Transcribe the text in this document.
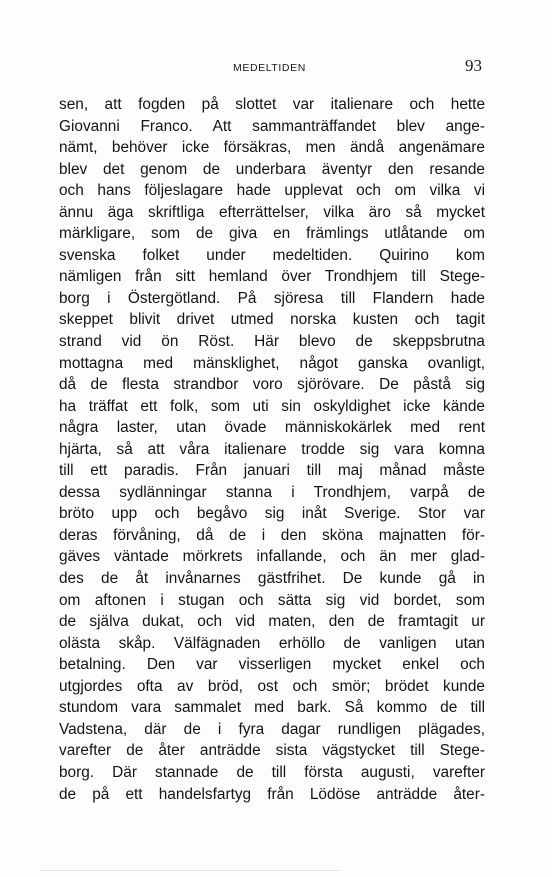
MEDELTIDEN	93
sen, att fogden på slottet var italienare och hette
Giovanni Franco. Att sammanträffandet blev ange-
nämt, behöver icke försäkras, men ändå angenämare
blev det genom de underbara äventyr den resande
och hans följeslagare hade upplevat och om vilka vi
ännu äga skriftliga efterrättelser, vilka äro så mycket
märkligare, som de giva en främlings utlåtande om
svenska folket under medeltiden. Quirino kom
nämligen från sitt hemland över Trondhjem till Stege-
borg i Östergötland. På sjöresa till Flandern hade
skeppet blivit drivet utmed norska kusten och tagit
strand vid ön Röst. Här blevo de skeppsbrutna
mottagna med mänsklighet, något ganska ovanligt,
då de flesta strandbor voro sjörövare. De påstå sig
ha träffat ett folk, som uti sin oskyldighet icke kände
några laster, utan övade människokärlek med rent
hjärta, så att våra italienare trodde sig vara komna
till ett paradis. Från januari till maj månad måste
dessa sydlänningar stanna i Trondhjem, varpå de
bröto upp och begåvo sig inåt Sverige. Stor var
deras förvåning, då de i den sköna majnatten för-
gäves väntade mörkrets infallande, och än mer glad-
des de åt invånarnes gästfrihet. De kunde gå in
om aftonen i stugan och sätta sig vid bordet, som
de själva dukat, och vid maten, den de framtagit ur
olästa skåp. Välfägnaden erhöllo de vanligen utan
betalning. Den var visserligen mycket enkel och
utgjordes ofta av bröd, ost och smör; brödet kunde
stundom vara sammalet med bark. Så kommo de till
Vadstena, där de i fyra dagar rundligen plägades,
varefter de åter anträdde sista vägstycket till Stege-
borg. Där stannade de till första augusti, varefter
de på ett handelsfartyg från Lödöse anträdde åter-
